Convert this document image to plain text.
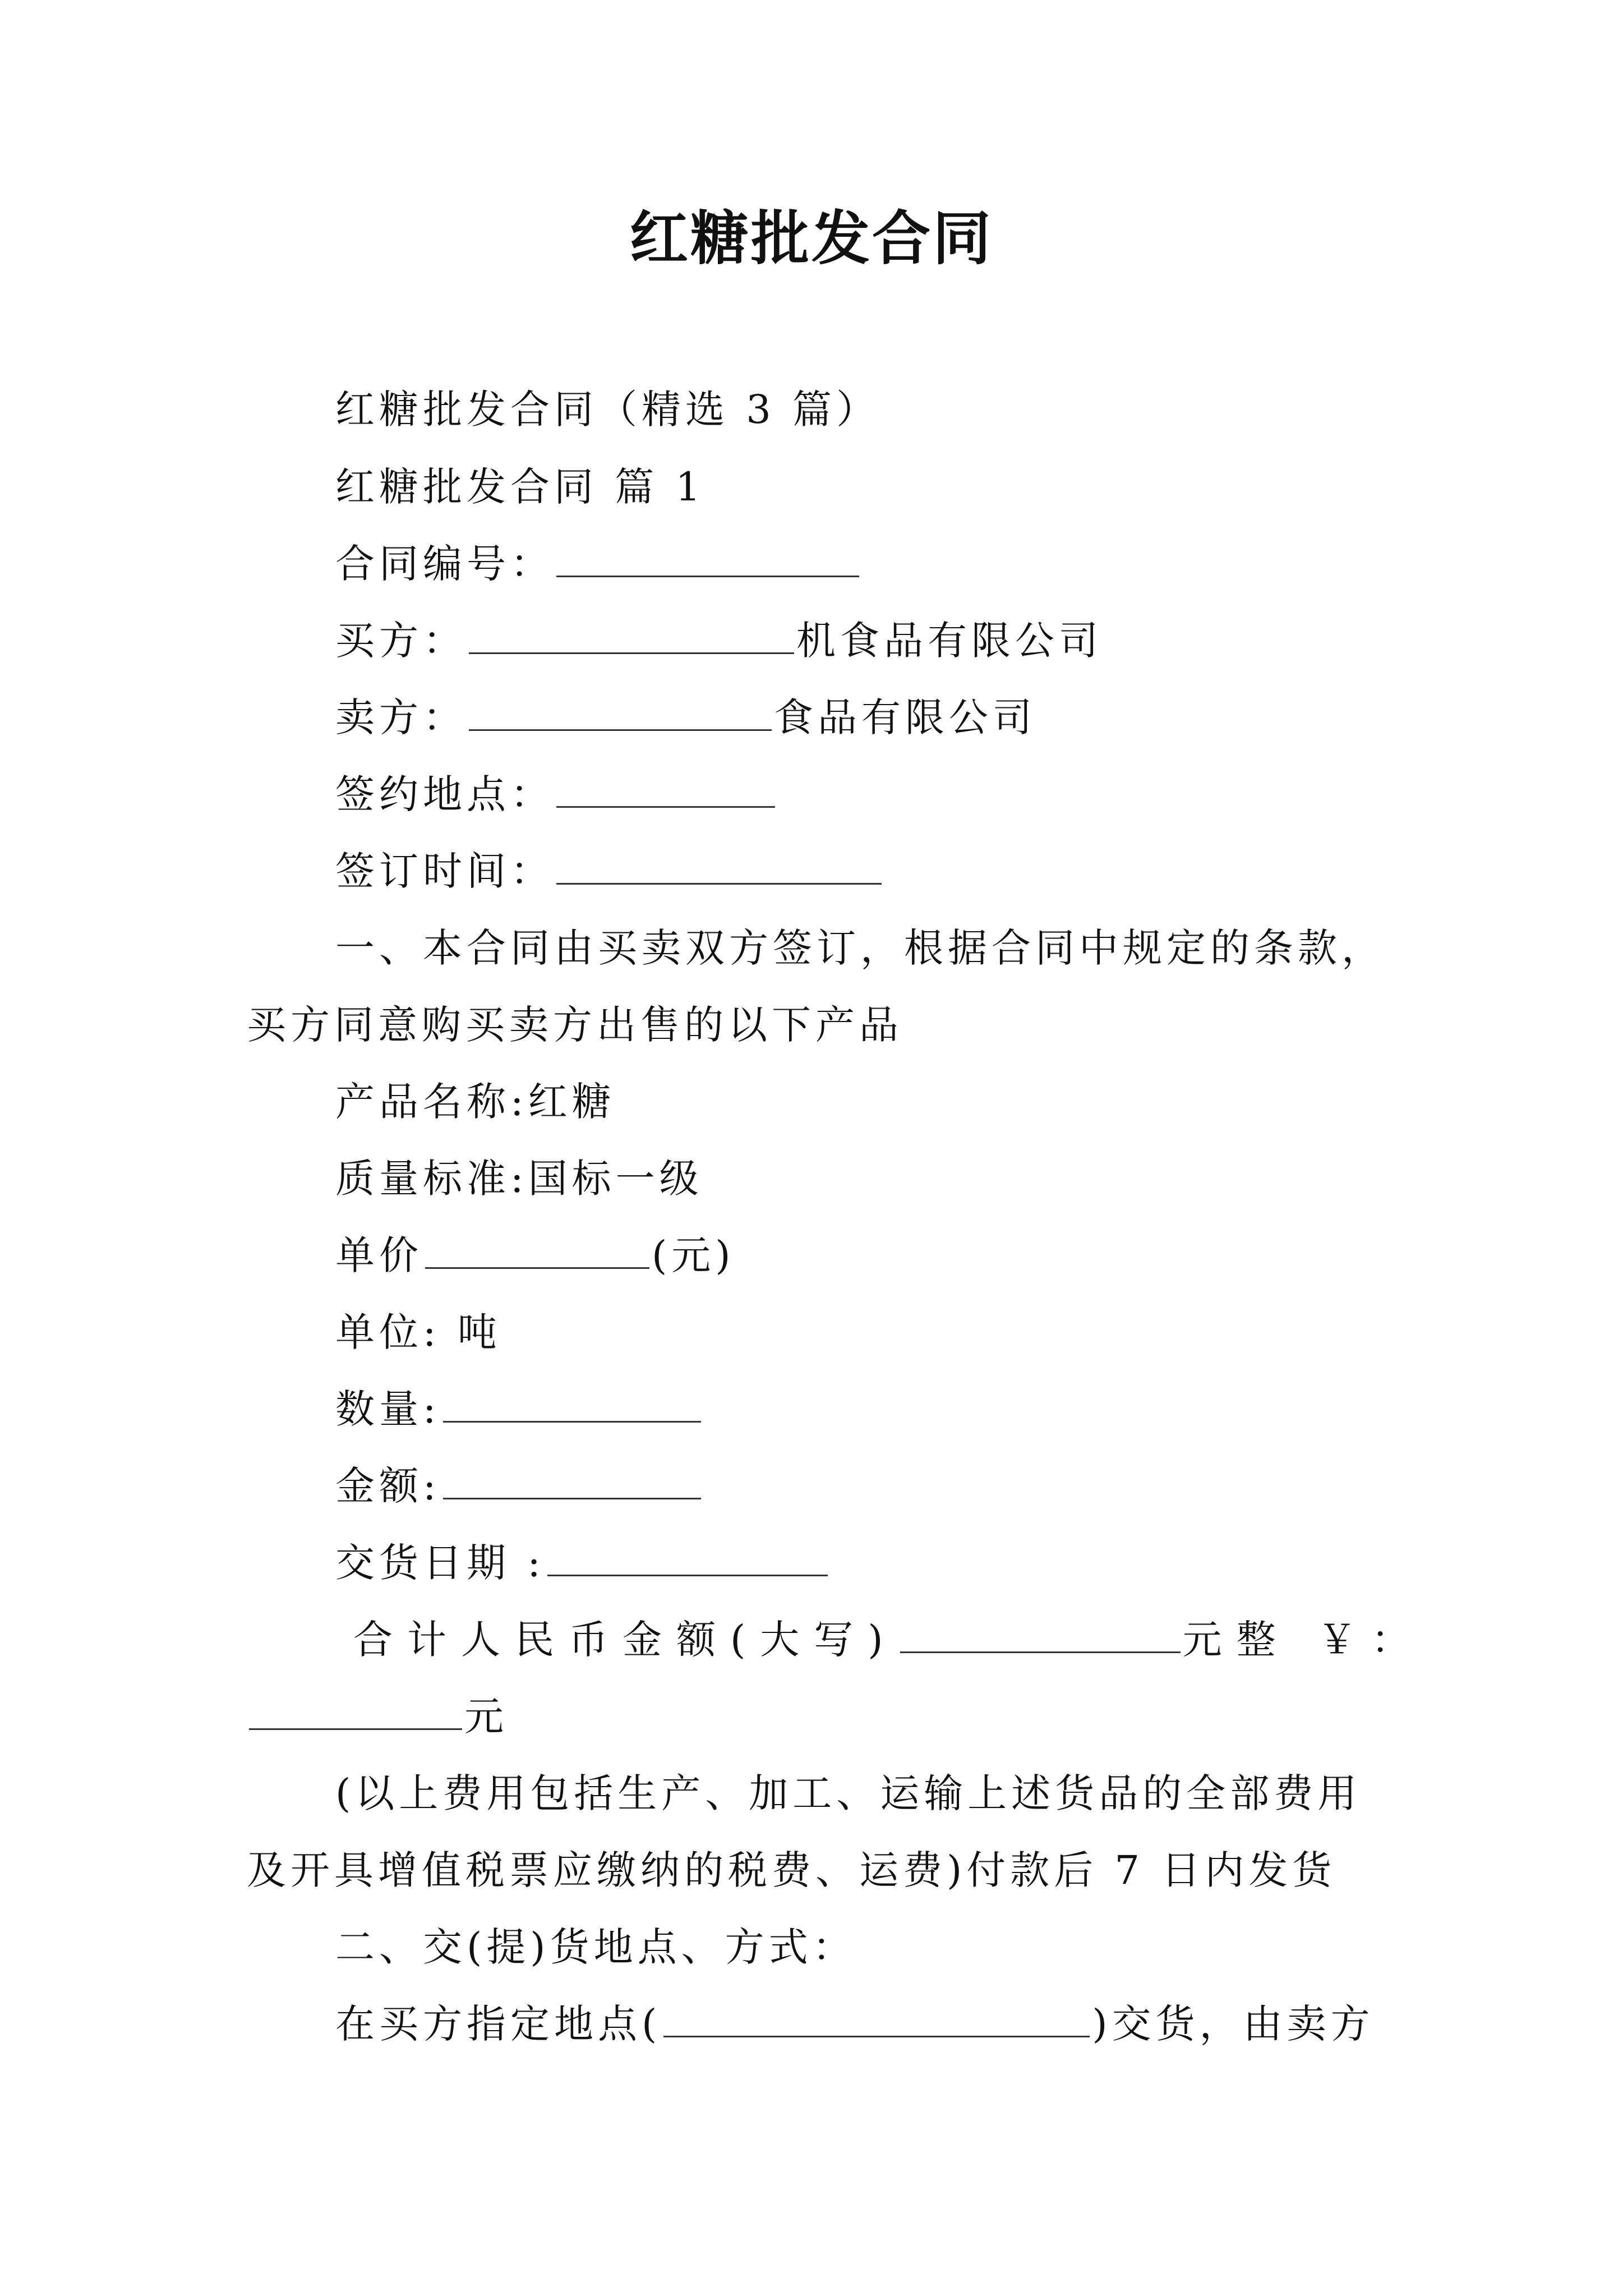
红糖批发合同
红糖批发合同（精选 3 篇）
红糖批发合同 篇 1
合同编号：
买方：	机食品有限公司
卖方：	食品有限公司
签约地点：
签订时间：
一、本合同由买卖双方签订，根据合同中规定的条款，
买方同意购买卖方出售的以下产品
产品名称:红糖
质量标准:国标一级
单价	(元)
单位: 吨
数量:
金额:
交货日期 :
合计人民币金额(大写)	元整 ￥：
元
(以上费用包括生产、加工、运输上述货品的全部费用
及开具增值税票应缴纳的税费、运费)付款后 7 日内发货
二、交(提)货地点、方式：
在买方指定地点(	)交货，由卖方
